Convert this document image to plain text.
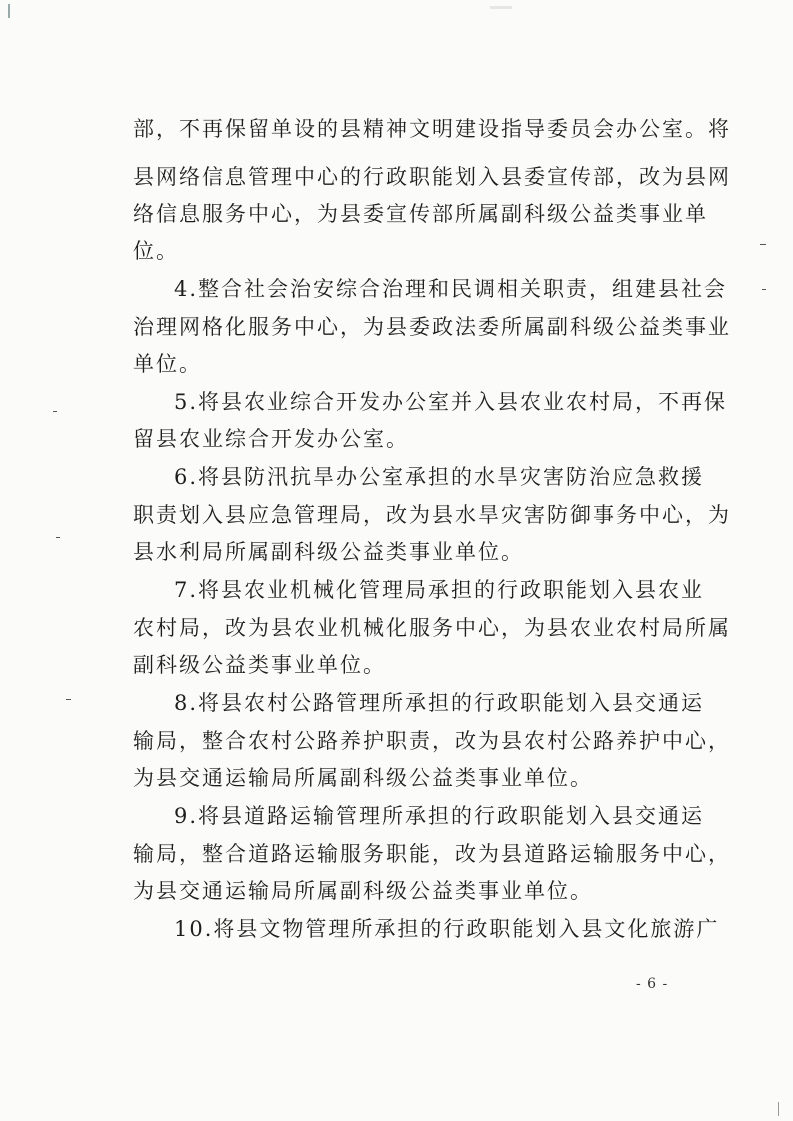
部，不再保留单设的县精神文明建设指导委员会办公室。将
县网络信息管理中心的行政职能划入县委宣传部，改为县网
络信息服务中心，为县委宣传部所属副科级公益类事业单
位。
4.整合社会治安综合治理和民调相关职责，组建县社会
治理网格化服务中心，为县委政法委所属副科级公益类事业
单位。
5.将县农业综合开发办公室并入县农业农村局，不再保
留县农业综合开发办公室。
6.将县防汛抗旱办公室承担的水旱灾害防治应急救援
职责划入县应急管理局，改为县水旱灾害防御事务中心，为
县水利局所属副科级公益类事业单位。
7.将县农业机械化管理局承担的行政职能划入县农业
农村局，改为县农业机械化服务中心，为县农业农村局所属
副科级公益类事业单位。
8.将县农村公路管理所承担的行政职能划入县交通运
输局，整合农村公路养护职责，改为县农村公路养护中心，
为县交通运输局所属副科级公益类事业单位。
9.将县道路运输管理所承担的行政职能划入县交通运
输局，整合道路运输服务职能，改为县道路运输服务中心，
为县交通运输局所属副科级公益类事业单位。
10.将县文物管理所承担的行政职能划入县文化旅游广
- 6 -
